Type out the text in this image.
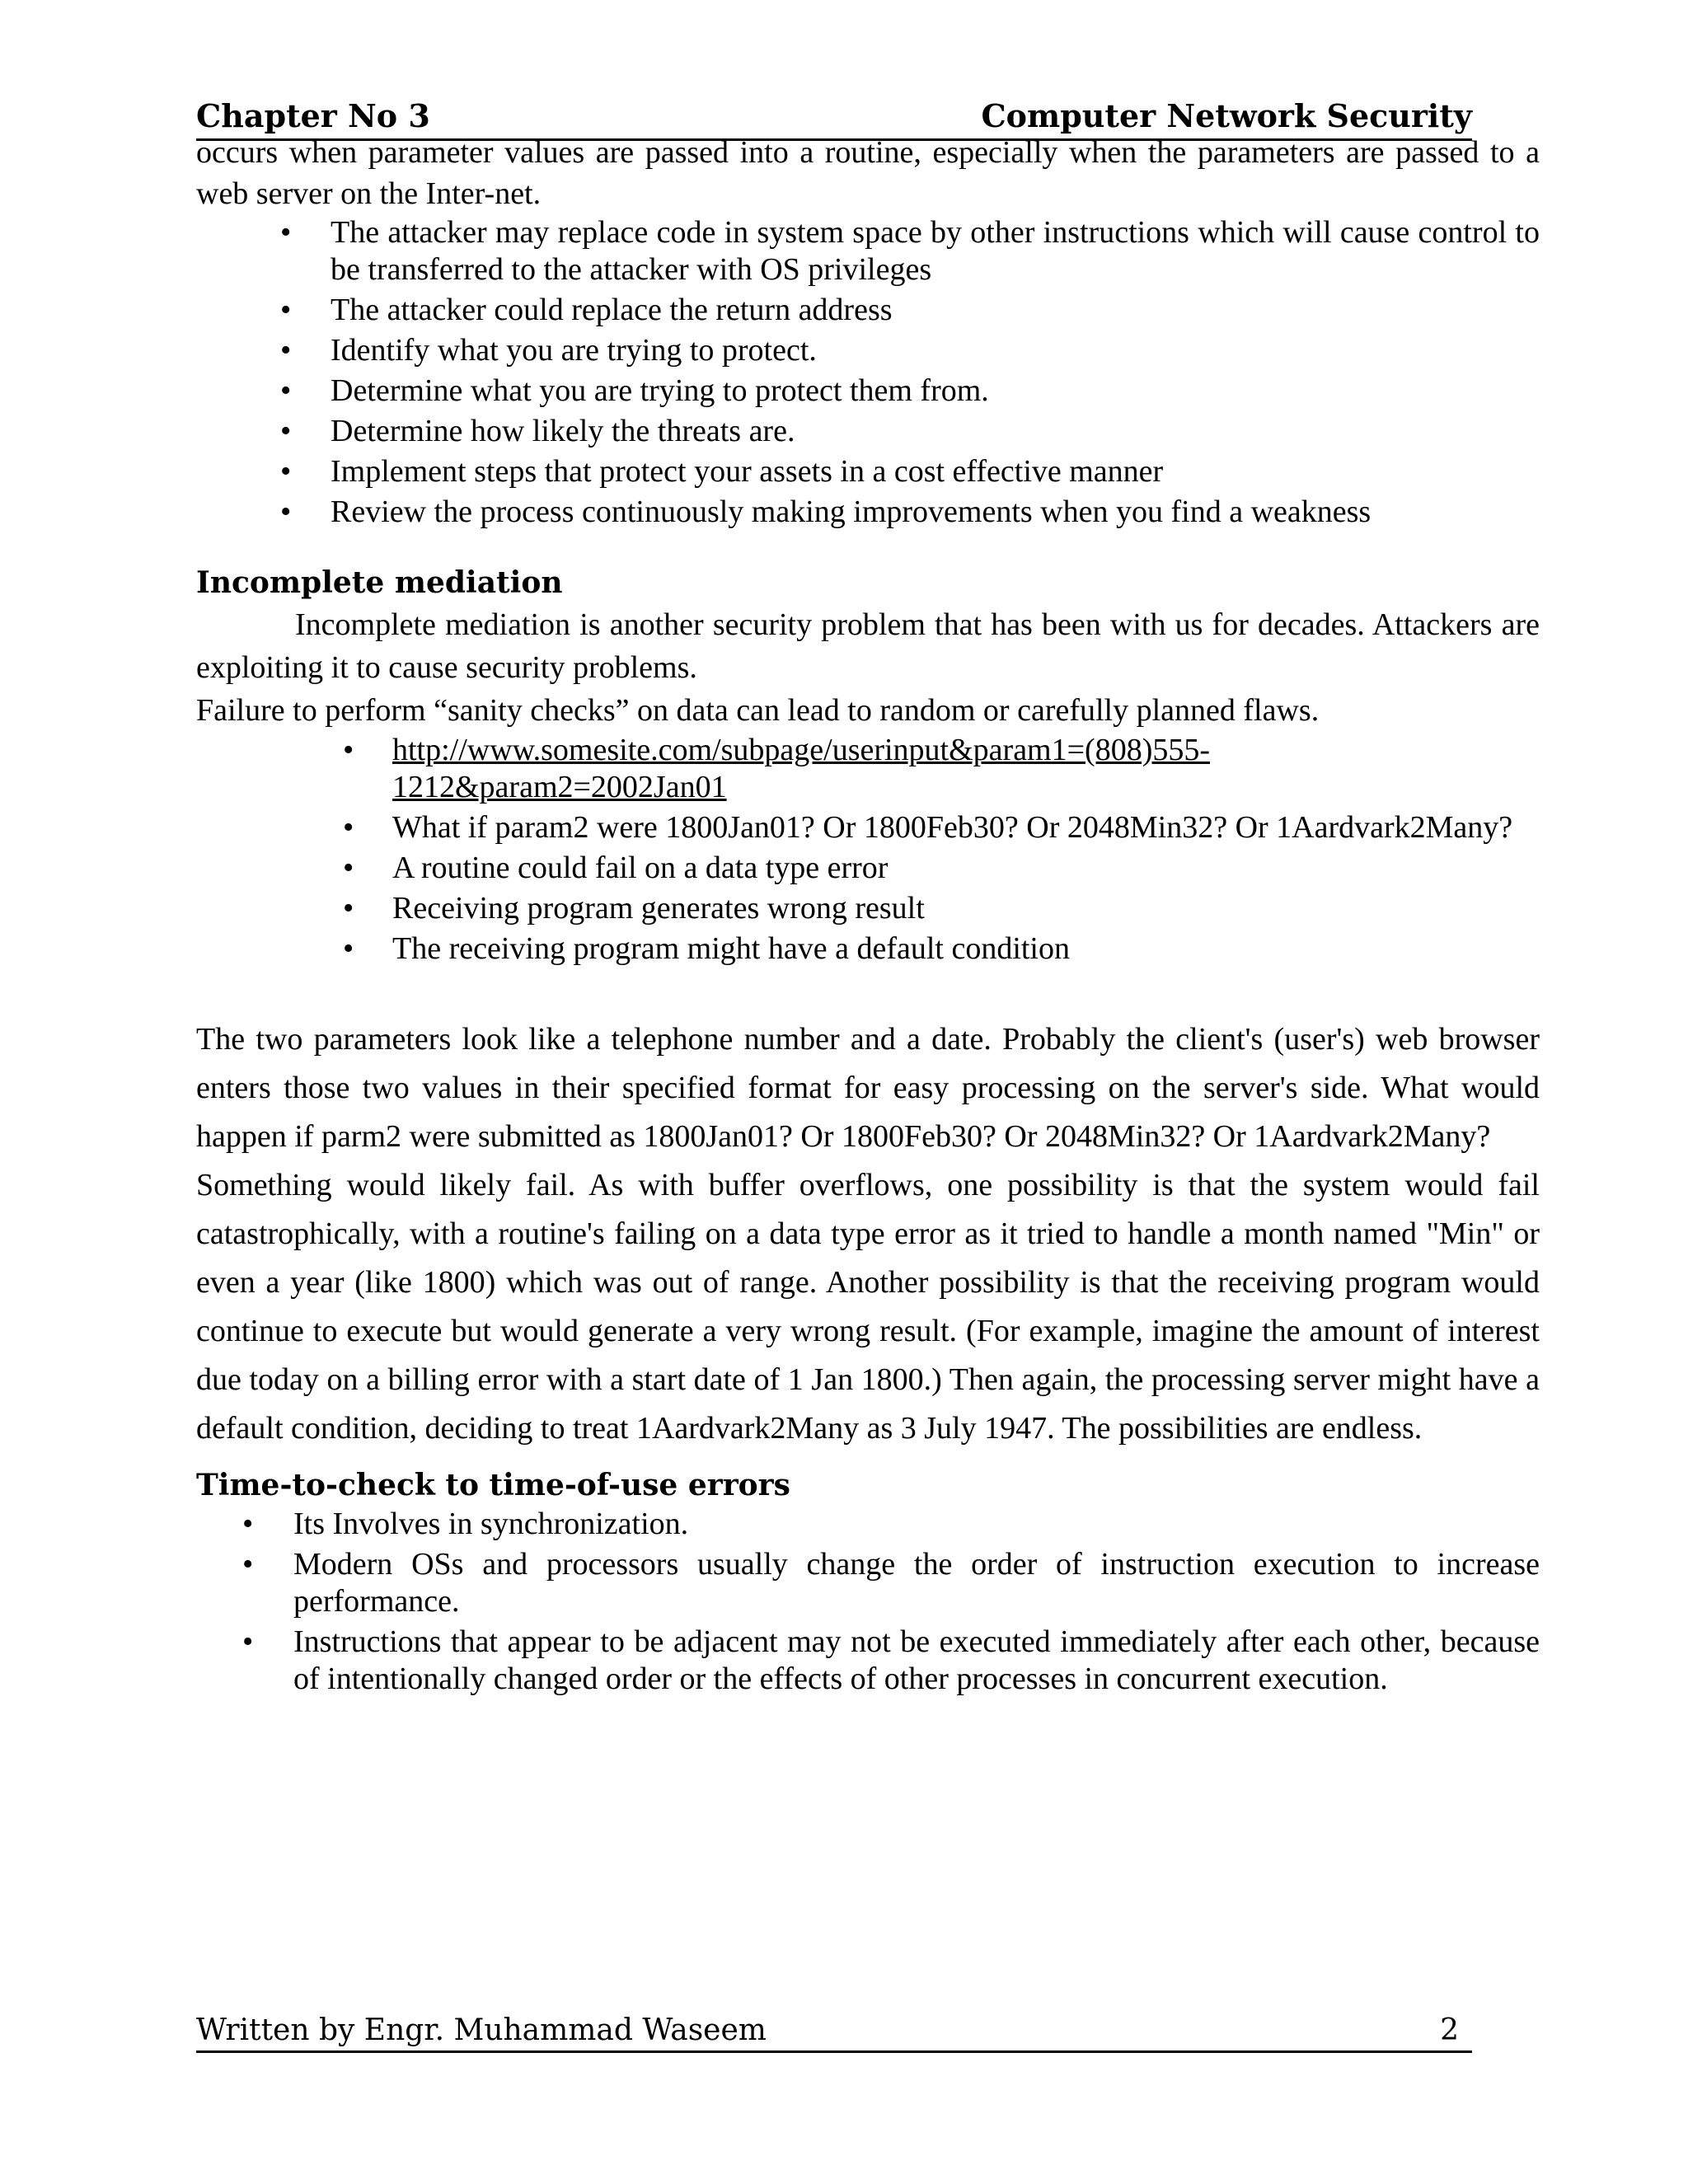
Chapter No 3	Computer Network Security

occurs when parameter values are passed into a routine, especially when the parameters are passed to a web server on the Inter-net.

• The attacker may replace code in system space by other instructions which will cause control to be transferred to the attacker with OS privileges
• The attacker could replace the return address
• Identify what you are trying to protect.
• Determine what you are trying to protect them from.
• Determine how likely the threats are.
• Implement steps that protect your assets in a cost effective manner
• Review the process continuously making improvements when you find a weakness
Incomplete mediation

Incomplete mediation is another security problem that has been with us for decades. Attackers are exploiting it to cause security problems.

Failure to perform “sanity checks” on data can lead to random or carefully planned flaws.

• http://www.somesite.com/subpage/userinput&param1=(808)555-1212&param2=2002Jan01
• What if param2 were 1800Jan01? Or 1800Feb30? Or 2048Min32? Or 1Aardvark2Many?
• A routine could fail on a data type error
• Receiving program generates wrong result
• The receiving program might have a default condition

The two parameters look like a telephone number and a date. Probably the client's (user's) web browser enters those two values in their specified format for easy processing on the server's side. What would happen if parm2 were submitted as 1800Jan01? Or 1800Feb30? Or 2048Min32? Or 1Aardvark2Many?

Something would likely fail. As with buffer overflows, one possibility is that the system would fail catastrophically, with a routine's failing on a data type error as it tried to handle a month named "Min" or even a year (like 1800) which was out of range. Another possibility is that the receiving program would continue to execute but would generate a very wrong result. (For example, imagine the amount of interest due today on a billing error with a start date of 1 Jan 1800.) Then again, the processing server might have a default condition, deciding to treat 1Aardvark2Many as 3 July 1947. The possibilities are endless.

Time-to-check to time-of-use errors
• Its Involves in synchronization.
• Modern OSs and processors usually change the order of instruction execution to increase performance.
• Instructions that appear to be adjacent may not be executed immediately after each other, because of intentionally changed order or the effects of other processes in concurrent execution.
Written by Engr. Muhammad Waseem	2
